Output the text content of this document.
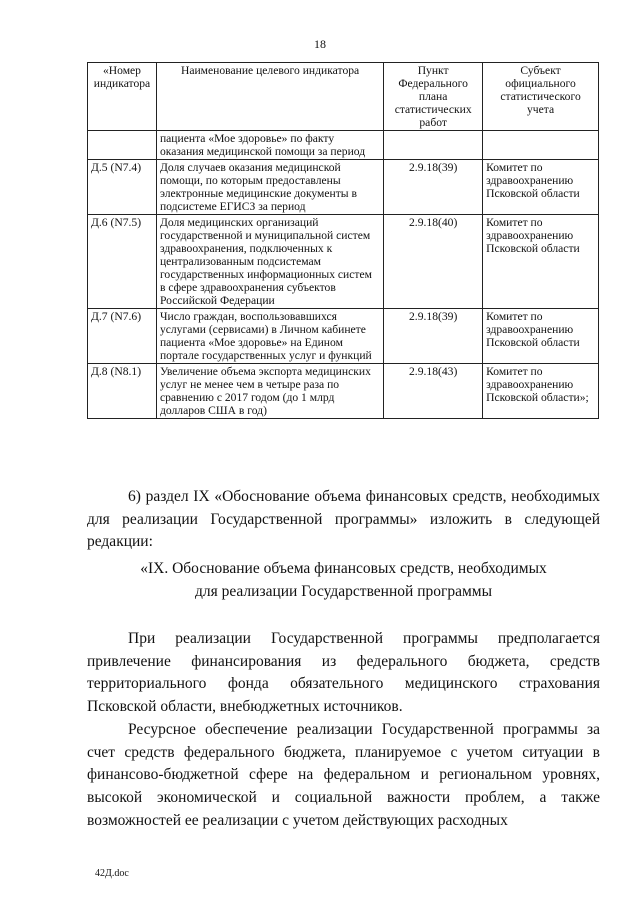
18
«Номер индикатора	Наименование целевого индикатора	Пункт Федерального плана статистических работ	Субъект официального статистического учета
	пациента «Мое здоровье» по факту оказания медицинской помощи за период		
Д.5 (N7.4)	Доля случаев оказания медицинской помощи, по которым предоставлены электронные медицинские документы в подсистеме ЕГИСЗ за период	2.9.18(39)	Комитет по здравоохранению Псковской области
Д.6 (N7.5)	Доля медицинских организаций государственной и муниципальной систем здравоохранения, подключенных к централизованным подсистемам государственных информационных систем в сфере здравоохранения субъектов Российской Федерации	2.9.18(40)	Комитет по здравоохранению Псковской области
Д.7 (N7.6)	Число граждан, воспользовавшихся услугами (сервисами) в Личном кабинете пациента «Мое здоровье» на Едином портале государственных услуг и функций	2.9.18(39)	Комитет по здравоохранению Псковской области
Д.8 (N8.1)	Увеличение объема экспорта медицинских услуг не менее чем в четыре раза по сравнению с 2017 годом (до 1 млрд долларов США в год)	2.9.18(43)	Комитет по здравоохранению Псковской области»;

6) раздел IX «Обоснование объема финансовых средств, необходимых для реализации Государственной программы» изложить в следующей редакции:

«IX. Обоснование объема финансовых средств, необходимых

для реализации Государственной программы

При реализации Государственной программы предполагается привлечение финансирования из федерального бюджета, средств территориального фонда обязательного медицинского страхования Псковской области, внебюджетных источников.

Ресурсное обеспечение реализации Государственной программы за счет средств федерального бюджета, планируемое с учетом ситуации в финансово-бюджетной сфере на федеральном и региональном уровнях, высокой экономической и социальной важности проблем, а также возможностей ее реализации с учетом действующих расходных

42Д.doc
